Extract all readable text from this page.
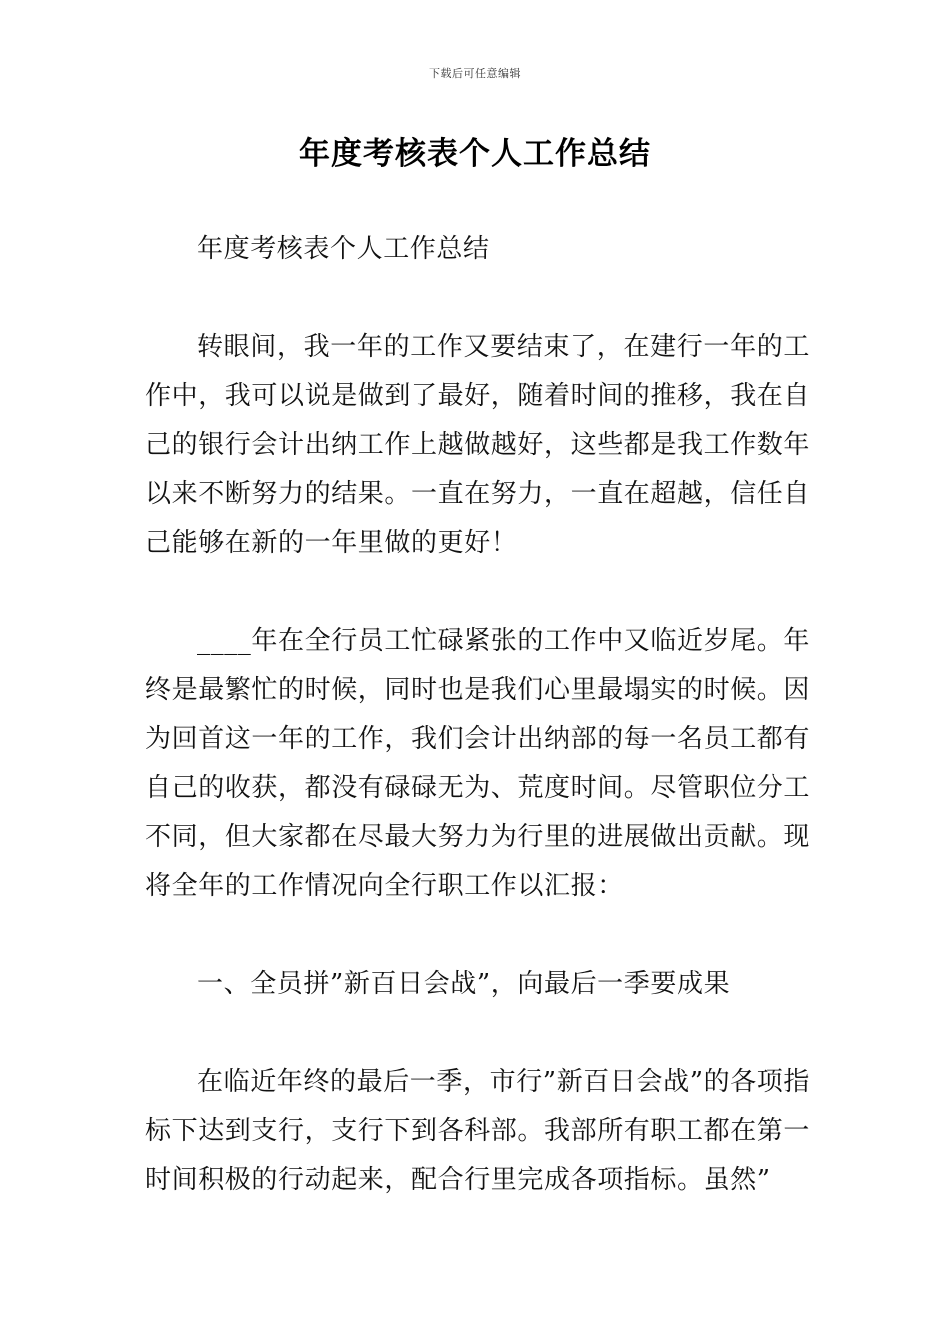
下载后可任意编辑
年度考核表个人工作总结

年度考核表个人工作总结

转眼间，我一年的工作又要结束了，在建行一年的工作中，我可以说是做到了最好，随着时间的推移，我在自己的银行会计出纳工作上越做越好，这些都是我工作数年以来不断努力的结果。一直在努力，一直在超越，信任自己能够在新的一年里做的更好！

____年在全行员工忙碌紧张的工作中又临近岁尾。年终是最繁忙的时候，同时也是我们心里最塌实的时候。因为回首这一年的工作，我们会计出纳部的每一名员工都有自己的收获，都没有碌碌无为、荒度时间。尽管职位分工不同，但大家都在尽最大努力为行里的进展做出贡献。现将全年的工作情况向全行职工作以汇报：

一、全员拼”新百日会战”，向最后一季要成果

在临近年终的最后一季，市行”新百日会战”的各项指标下达到支行，支行下到各科部。我部所有职工都在第一时间积极的行动起来，配合行里完成各项指标。虽然”
